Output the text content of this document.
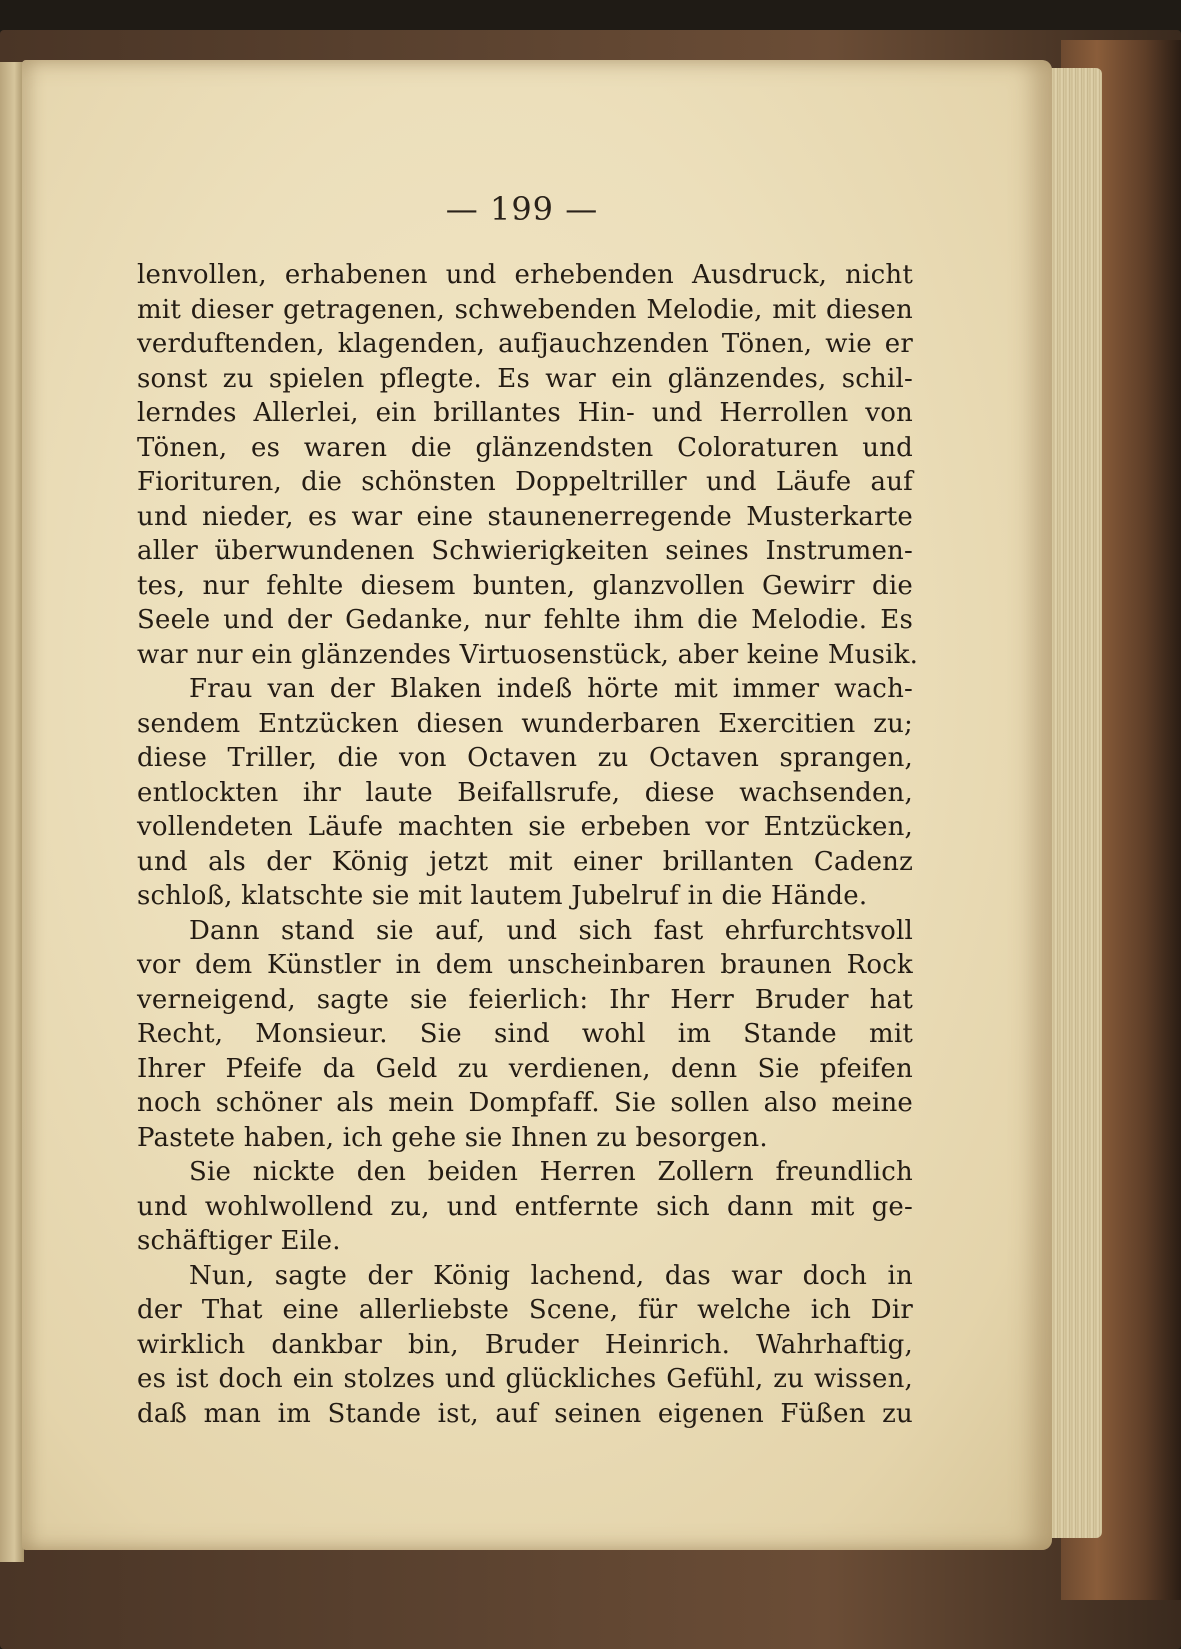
— 199 —
lenvollen, erhabenen und erhebenden Ausdruck, nicht
mit dieser getragenen, schwebenden Melodie, mit diesen
verduftenden, klagenden, aufjauchzenden Tönen, wie er
sonst zu spielen pflegte. Es war ein glänzendes, schil-
lerndes Allerlei, ein brillantes Hin- und Herrollen von
Tönen, es waren die glänzendsten Coloraturen und
Fiorituren, die schönsten Doppeltriller und Läufe auf
und nieder, es war eine staunenerregende Musterkarte
aller überwundenen Schwierigkeiten seines Instrumen-
tes, nur fehlte diesem bunten, glanzvollen Gewirr die
Seele und der Gedanke, nur fehlte ihm die Melodie. Es
war nur ein glänzendes Virtuosenstück, aber keine Musik.
Frau van der Blaken indeß hörte mit immer wach-
sendem Entzücken diesen wunderbaren Exercitien zu;
diese Triller, die von Octaven zu Octaven sprangen,
entlockten ihr laute Beifallsrufe, diese wachsenden,
vollendeten Läufe machten sie erbeben vor Entzücken,
und als der König jetzt mit einer brillanten Cadenz
schloß, klatschte sie mit lautem Jubelruf in die Hände.
Dann stand sie auf, und sich fast ehrfurchtsvoll
vor dem Künstler in dem unscheinbaren braunen Rock
verneigend, sagte sie feierlich: Ihr Herr Bruder hat
Recht, Monsieur. Sie sind wohl im Stande mit
Ihrer Pfeife da Geld zu verdienen, denn Sie pfeifen
noch schöner als mein Dompfaff. Sie sollen also meine
Pastete haben, ich gehe sie Ihnen zu besorgen.
Sie nickte den beiden Herren Zollern freundlich
und wohlwollend zu, und entfernte sich dann mit ge-
schäftiger Eile.
Nun, sagte der König lachend, das war doch in
der That eine allerliebste Scene, für welche ich Dir
wirklich dankbar bin, Bruder Heinrich. Wahrhaftig,
es ist doch ein stolzes und glückliches Gefühl, zu wissen,
daß man im Stande ist, auf seinen eigenen Füßen zu
